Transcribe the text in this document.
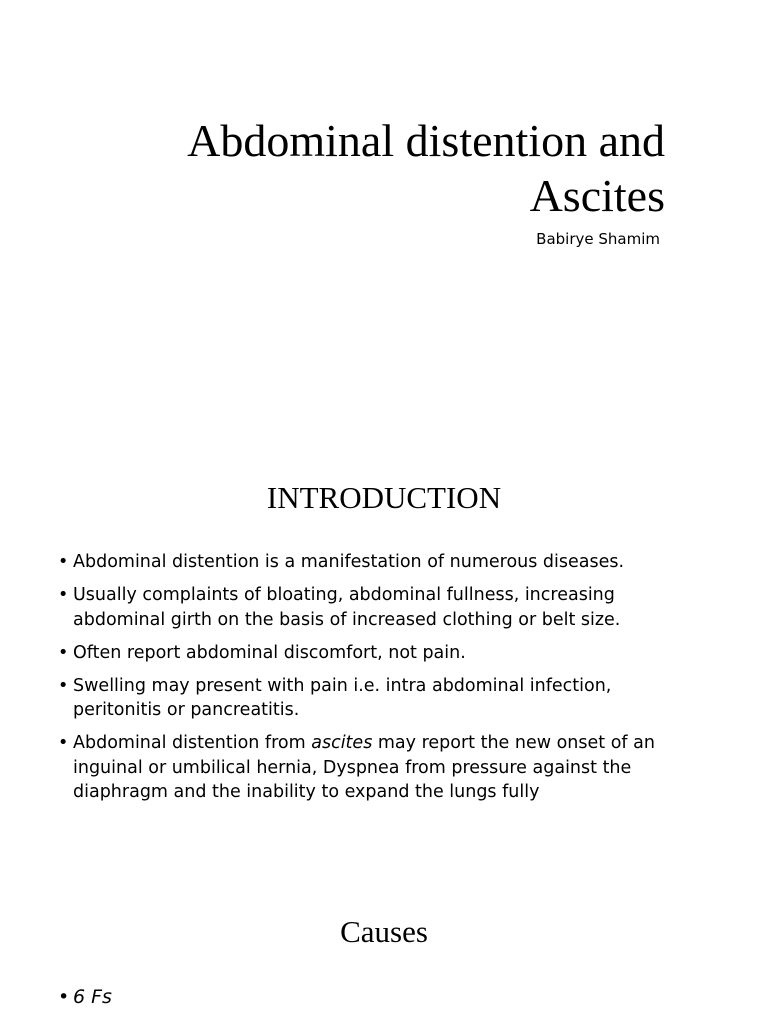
Abdominal distention and
Ascites
Babirye Shamim
INTRODUCTION
• Abdominal distention is a manifestation of numerous diseases.
• Usually complaints of bloating, abdominal fullness, increasing abdominal girth on the basis of increased clothing or belt size.
• Often report abdominal discomfort, not pain.
• Swelling may present with pain i.e. intra abdominal infection, peritonitis or pancreatitis.
• Abdominal distention from ascites may report the new onset of an inguinal or umbilical hernia, Dyspnea from pressure against the diaphragm and the inability to expand the lungs fully
Causes
• 6 Fs
